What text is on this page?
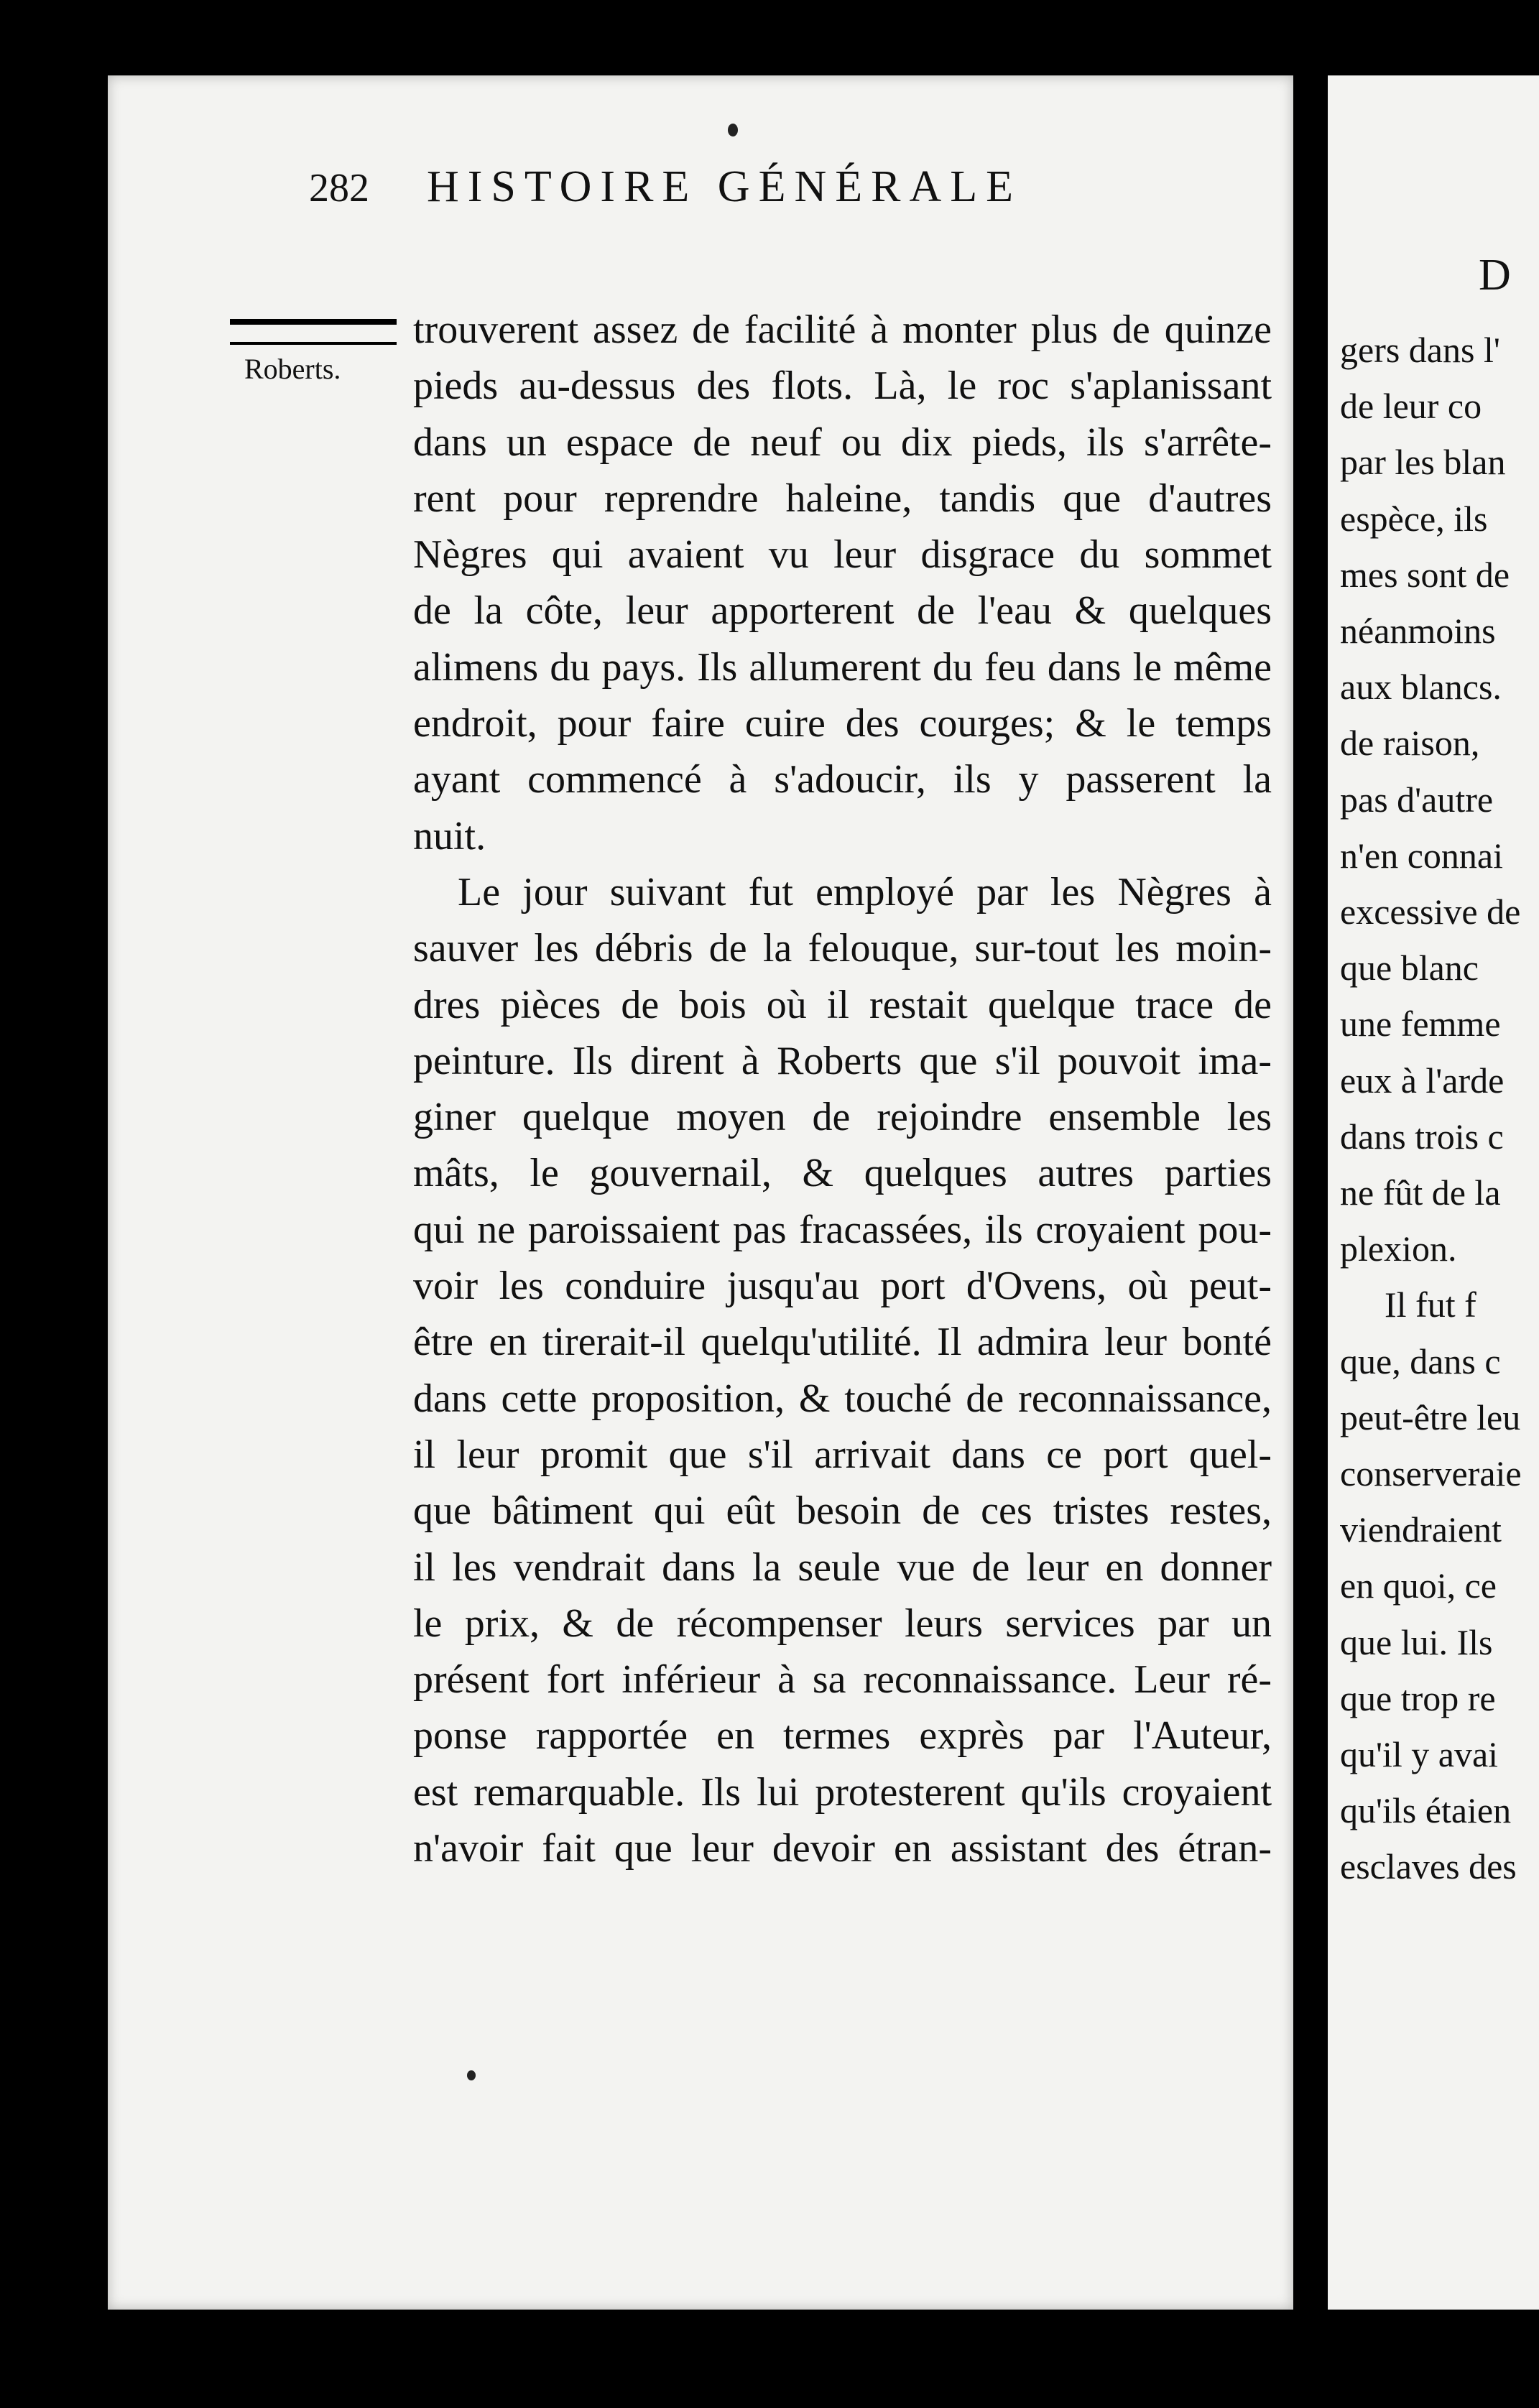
282 HISTOIRE GÉNÉRALE
Roberts.
trouverent assez de facilité à monter plus de quinze
pieds au-dessus des flots. Là, le roc s'aplanissant
dans un espace de neuf ou dix pieds, ils s'arrête-
rent pour reprendre haleine, tandis que d'autres
Nègres qui avaient vu leur disgrace du sommet
de la côte, leur apporterent de l'eau & quelques
alimens du pays. Ils allumerent du feu dans le même
endroit, pour faire cuire des courges; & le temps
ayant commencé à s'adoucir, ils y passerent la
nuit.
Le jour suivant fut employé par les Nègres à
sauver les débris de la felouque, sur-tout les moin-
dres pièces de bois où il restait quelque trace de
peinture. Ils dirent à Roberts que s'il pouvoit ima-
giner quelque moyen de rejoindre ensemble les
mâts, le gouvernail, & quelques autres parties
qui ne paroissaient pas fracassées, ils croyaient pou-
voir les conduire jusqu'au port d'Ovens, où peut-
être en tirerait-il quelqu'utilité. Il admira leur bonté
dans cette proposition, & touché de reconnaissance,
il leur promit que s'il arrivait dans ce port quel-
que bâtiment qui eût besoin de ces tristes restes,
il les vendrait dans la seule vue de leur en donner
le prix, & de récompenser leurs services par un
présent fort inférieur à sa reconnaissance. Leur ré-
ponse rapportée en termes exprès par l'Auteur,
est remarquable. Ils lui protesterent qu'ils croyaient
n'avoir fait que leur devoir en assistant des étran-
D
gers dans l'
de leur co
par les blan
espèce, ils
mes sont de
néanmoins
aux blancs.
de raison,
pas d'autre
n'en connai
excessive de
que blanc
une femme
eux à l'arde
dans trois c
ne fût de la
plexion.
Il fut f
que, dans c
peut-être leu
conserveraie
viendraient
en quoi, ce
que lui. Ils
que trop re
qu'il y avai
qu'ils étaien
esclaves des
